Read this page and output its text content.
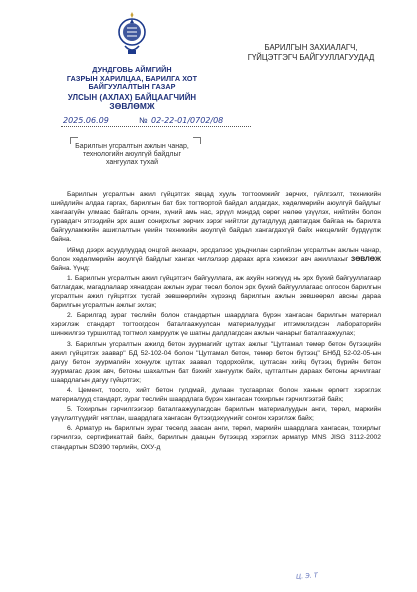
ДУНДГОВЬ АЙМГИЙН
ГАЗРЫН ХАРИЛЦАА, БАРИЛГА ХОТ
БАЙГУУЛАЛТЫН ГАЗАР
УЛСЫН (АХЛАХ) БАЙЦААГЧИЙН
ЗӨВЛӨМЖ
2025.06.09	№ 02-22-01/0702/08
БАРИЛГЫН ЗАХИАЛАГЧ,
ГҮЙЦЭТГЭГЧ БАЙГУУЛЛАГУУДАД
Барилгын угсралтын ажлын чанар,
технологийн аюулгүй байдлыг
хангуулах тухай

Барилгын угсралтын ажил гүйцэтгэх явцад хууль тогтоомжийг зөрчих, гүйлгээлт, техникийн шийдлийн алдаа гаргах, барилгын бат бэх тогтвортой байдал алдагдах, хөдөлмөрийн аюулгүй байдлыг хангаагүйн улмаас байгаль орчин, хүний амь нас, эрүүл мэндэд сөрөг нөлөө үзүүлэх, нийтийн болон гуравдагч этгээдийн эрх ашиг сонирхлыг зөрчих зэрэг нийтлэг дутагдлууд давтагдаж байгаа нь барилга байгууламжийн ашиглалтын үеийн техникийн аюулгүй байдал хангагдахгүй байх нөхцөлийг бүрдүүлж байна.

Иймд дээрх асуудлуудад онцгой анхаарч, эрсдэлээс урьдчилан сэргийлэн угсралтын ажлын чанар, болон хөдөлмөрийн аюулгүй байдлыг хангах чиглэлээр дараах арга хэмжээг авч ажиллахыг ЗӨВЛӨЖ байна. Үүнд:

1. Барилгын угсралтын ажил гүйцэтгэгч байгууллага, аж ахуйн нэгжүүд нь эрх бүхий байгууллагаар батлагдаж, магадлалаар хянагдсан ажлын зураг төсөл болон эрх бүхий байгууллагаас олгосон барилгын угсралтын ажил гүйцэтгэх тусгай зөвшөөрлийн хүрээнд барилгын ажлын зөвшөөрөл авсны дараа барилгын угсралтын ажлыг эхлэх;

2. Барилгад зураг төслийн болон стандартын шаардлага бүрэн хангасан барилгын материал хэрэглэж стандарт тогтоогдсон баталгаажуулсан материалуудыг итгэмжлэгдсэн лабораторийн шинжилгээ туршилтад тогтмол хамруулж үе шатны далдлагдсан ажлын чанарыг баталгаажуулах;

3. Барилгын угсралтын ажилд бетон зуурмагийг цутгах ажлыг "Цутгамал төмөр бетон бүтээцийн ажил гүйцэтгэх заавар" БД 52-102-04 болон "Цутгамал бетон, төмөр бетон бүтээц" БНбД 52-02-05-ын дагуу бетон зуурмагийн хонуулж цутгах заавал тодорхойлж, цутгасан хийц бүтээц бүрийн бетон зуурмагас дээж авч, бетоны шахалтын бат бэхийг хангуулж байх, цутгалтын дараах бетоны арчилгааг шаардлагын дагуу гүйцэтгэх;

4. Цемент, тоосго, хийт бетон гулдмай, дулаан тусгаарлах болон ханын өрлөгт хэрэглэх материалууд стандарт, зураг төслийн шаардлага бүрэн хангасан тохирлын гэрчилгээтэй байх;

5. Тохирлын гэрчилгээгээр баталгаажуулагдсан барилгын материалуудын анги, төрөл, маркийн үзүүлэлтүүдийг нягтлан, шаардлага хангасан бүтээгдэхүүнийг сонгон хэрэглэж байх;

6. Арматур нь барилгын зураг төсөлд заасан анги, төрөл, маркийн шаардлага хангасан, тохирлыг гэрчилгээ, сертификаттай байх, барилгын даацын бүтээцэд хэрэглэх арматур MNS JISG 3112-2002 стандартын SD390 төрлийн, ОХУ-д

Ц. Э. Т
